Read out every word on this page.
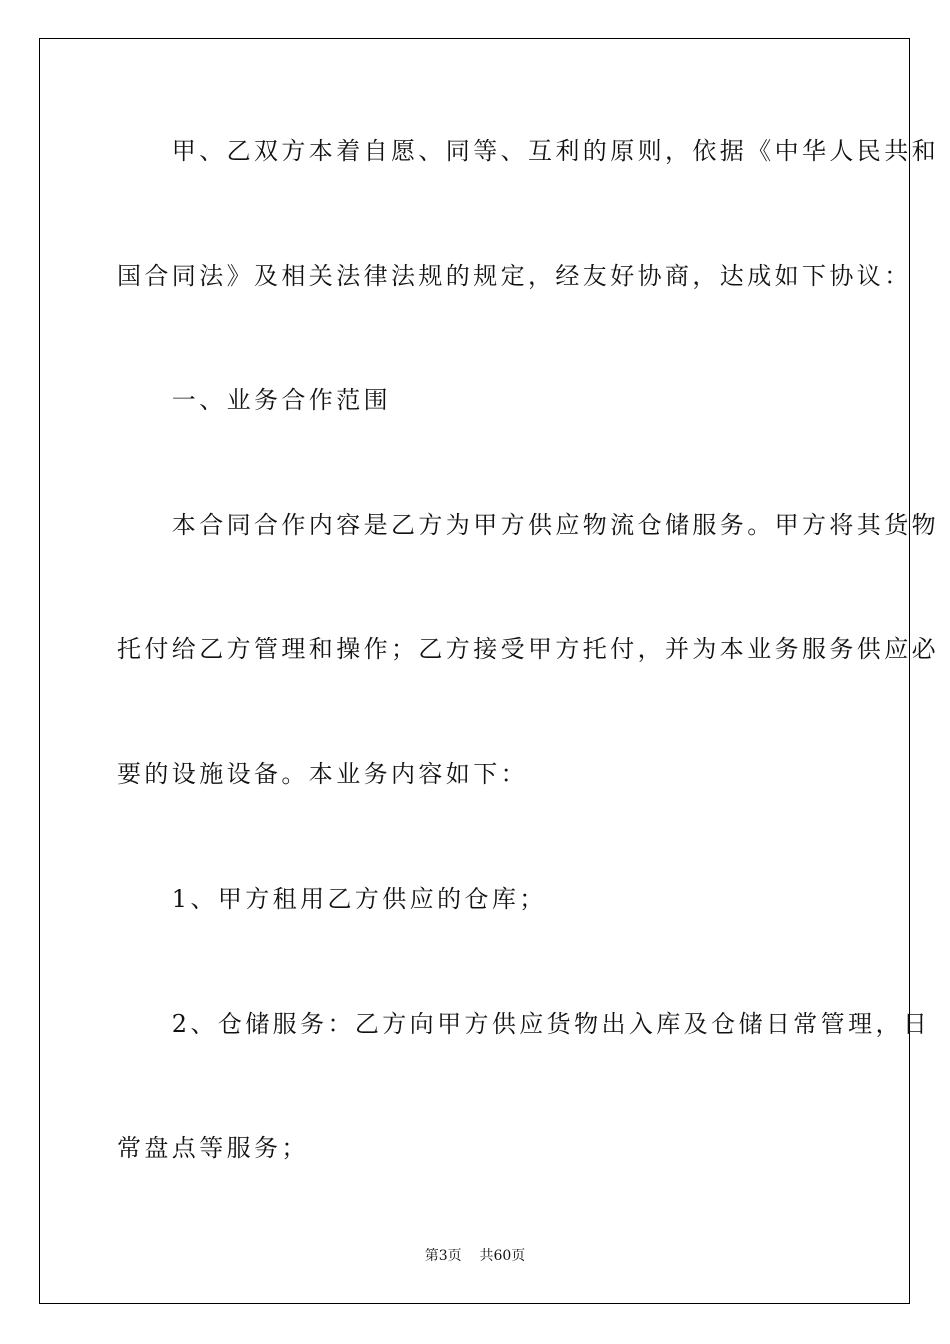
　　甲、乙双方本着自愿、同等、互利的原则，依据《中华人民共和
国合同法》及相关法律法规的规定，经友好协商，达成如下协议：
　　一、业务合作范围
　　本合同合作内容是乙方为甲方供应物流仓储服务。甲方将其货物
托付给乙方管理和操作；乙方接受甲方托付，并为本业务服务供应必
要的设施设备。本业务内容如下：
　　1、甲方租用乙方供应的仓库；
　　2、仓储服务：乙方向甲方供应货物出入库及仓储日常管理，日
常盘点等服务；
第3页 共60页
